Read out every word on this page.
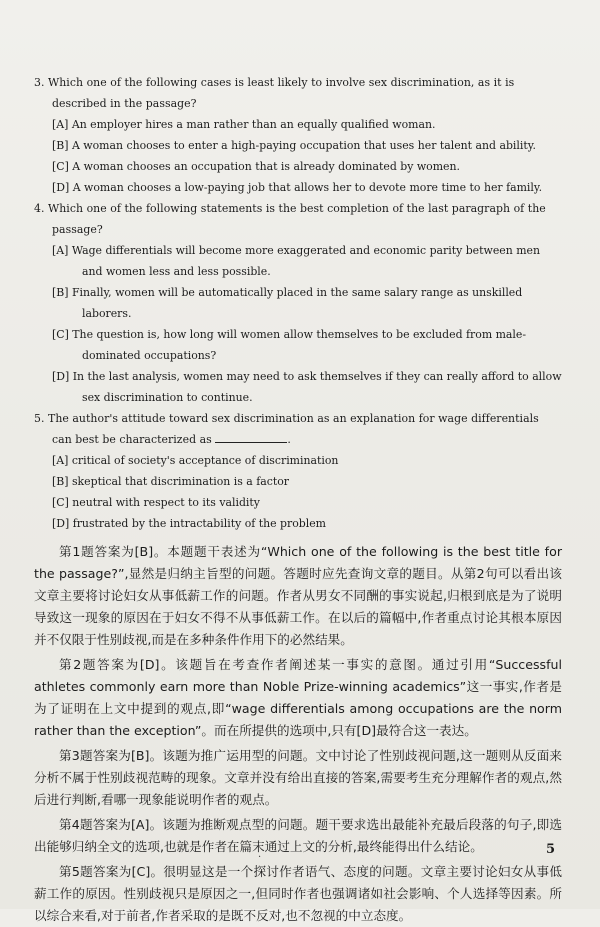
3. Which one of the following cases is least likely to involve sex discrimination, as it is described in the passage?
[A] An employer hires a man rather than an equally qualified woman.
[B] A woman chooses to enter a high-paying occupation that uses her talent and ability.
[C] A woman chooses an occupation that is already dominated by women.
[D] A woman chooses a low-paying job that allows her to devote more time to her family.
4. Which one of the following statements is the best completion of the last paragraph of the passage?
[A] Wage differentials will become more exaggerated and economic parity between men and women less and less possible.
[B] Finally, women will be automatically placed in the same salary range as unskilled laborers.
[C] The question is, how long will women allow themselves to be excluded from male-dominated occupations?
[D] In the last analysis, women may need to ask themselves if they can really afford to allow sex discrimination to continue.
5. The author's attitude toward sex discrimination as an explanation for wage differentials can best be characterized as	.
[A] critical of society's acceptance of discrimination
[B] skeptical that discrimination is a factor
[C] neutral with respect to its validity
[D] frustrated by the intractability of the problem

第1题答案为[B]。本题题干表述为“Which one of the following is the best title for the passage?”,显然是归纳主旨型的问题。答题时应先查询文章的题目。从第2句可以看出该文章主要将讨论妇女从事低薪工作的问题。作者从男女不同酬的事实说起,归根到底是为了说明导致这一现象的原因在于妇女不得不从事低薪工作。在以后的篇幅中,作者重点讨论其根本原因并不仅限于性别歧视,而是在多种条件作用下的必然结果。

第2题答案为[D]。该题旨在考查作者阐述某一事实的意图。通过引用“Successful athletes commonly earn more than Noble Prize-winning academics”这一事实,作者是为了证明在上文中提到的观点,即“wage differentials among occupations are the norm rather than the exception”。而在所提供的选项中,只有[D]最符合这一表达。

第3题答案为[B]。该题为推广运用型的问题。文中讨论了性别歧视问题,这一题则从反面来分析不属于性别歧视范畴的现象。文章并没有给出直接的答案,需要考生充分理解作者的观点,然后进行判断,看哪一现象能说明作者的观点。

第4题答案为[A]。该题为推断观点型的问题。题干要求选出最能补充最后段落的句子,即选出能够归纳全文的选项,也就是作者在篇末通过上文的分析,最终能得出什么结论。

第5题答案为[C]。很明显这是一个探讨作者语气、态度的问题。文章主要讨论妇女从事低薪工作的原因。性别歧视只是原因之一,但同时作者也强调诸如社会影响、个人选择等因素。所以综合来看,对于前者,作者采取的是既不反对,也不忽视的中立态度。

·
5
